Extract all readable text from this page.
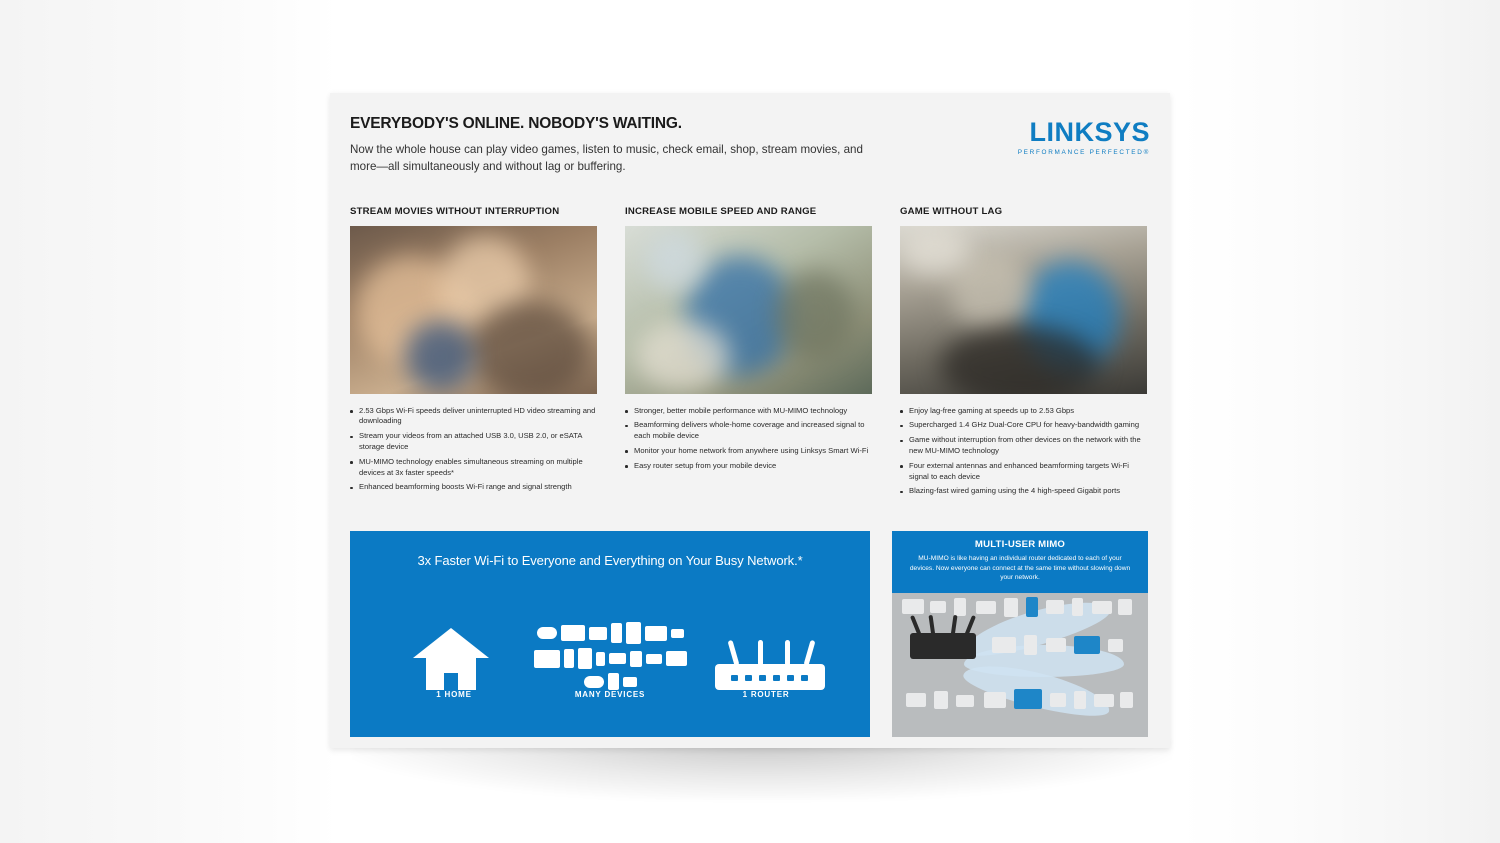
EVERYBODY'S ONLINE. NOBODY'S WAITING.

Now the whole house can play video games, listen to music, check email, shop, stream movies, and more—all simultaneously and without lag or buffering.

LINKSYS
PERFORMANCE PERFECTED®
STREAM MOVIES WITHOUT INTERRUPTION
2.53 Gbps Wi-Fi speeds deliver uninterrupted HD video streaming and downloading
Stream your videos from an attached USB 3.0, USB 2.0, or eSATA storage device
MU-MIMO technology enables simultaneous streaming on multiple devices at 3x faster speeds*
Enhanced beamforming boosts Wi-Fi range and signal strength
INCREASE MOBILE SPEED AND RANGE
Stronger, better mobile performance with MU-MIMO technology
Beamforming delivers whole-home coverage and increased signal to each mobile device
Monitor your home network from anywhere using Linksys Smart Wi-Fi
Easy router setup from your mobile device
GAME WITHOUT LAG
Enjoy lag-free gaming at speeds up to 2.53 Gbps
Supercharged 1.4 GHz Dual-Core CPU for heavy-bandwidth gaming
Game without interruption from other devices on the network with the new MU-MIMO technology
Four external antennas and enhanced beamforming targets Wi-Fi signal to each device
Blazing-fast wired gaming using the 4 high-speed Gigabit ports
3x Faster Wi-Fi to Everyone and Everything on Your Busy Network.*
1 HOME	MANY DEVICES	1 ROUTER
MULTI-USER MIMO
MU-MIMO is like having an individual router dedicated to each of your devices. Now everyone can connect at the same time without slowing down your network.
